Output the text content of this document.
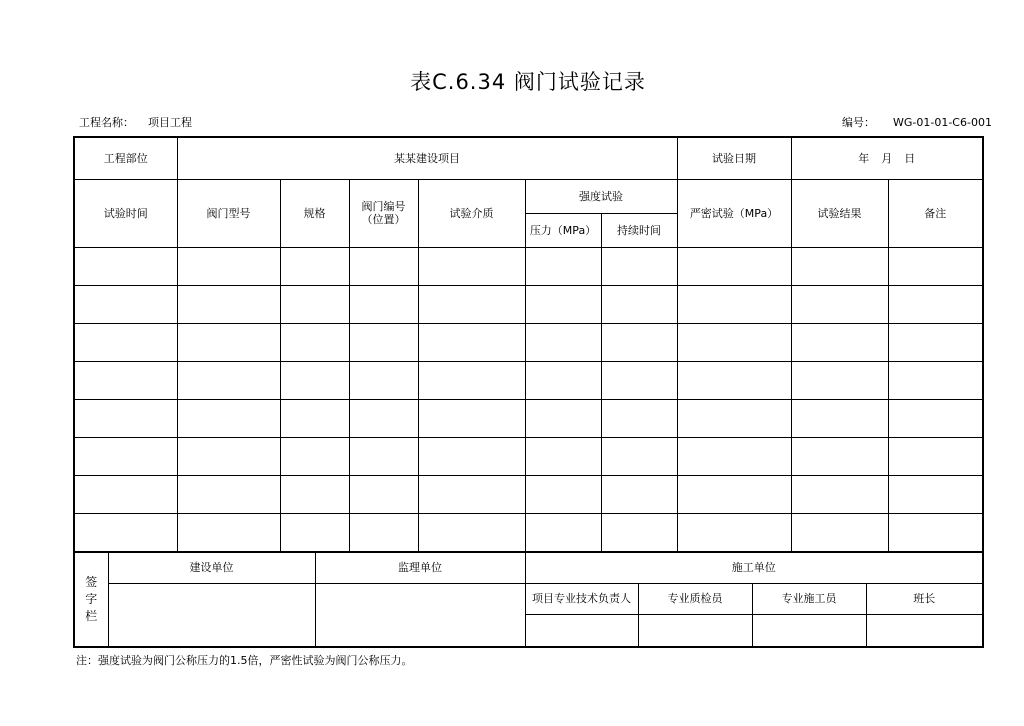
表C.6.34 阀门试验记录
工程名称： 项目工程	编号： WG-01-01-C6-001
工程部位	某某建设项目						试验日期	年 月 日	
试验时间	阀门型号	规格	阀门编号（位置）	试验介质	强度试验		严密试验（MPa）	试验结果	备注
					压力（MPa）	持续时间			

签字栏	建设单位	监理单位	施工单位			
			项目专业技术负责人	专业质检员	专业施工员	班长

注：强度试验为阀门公称压力的1.5倍，严密性试验为阀门公称压力。
